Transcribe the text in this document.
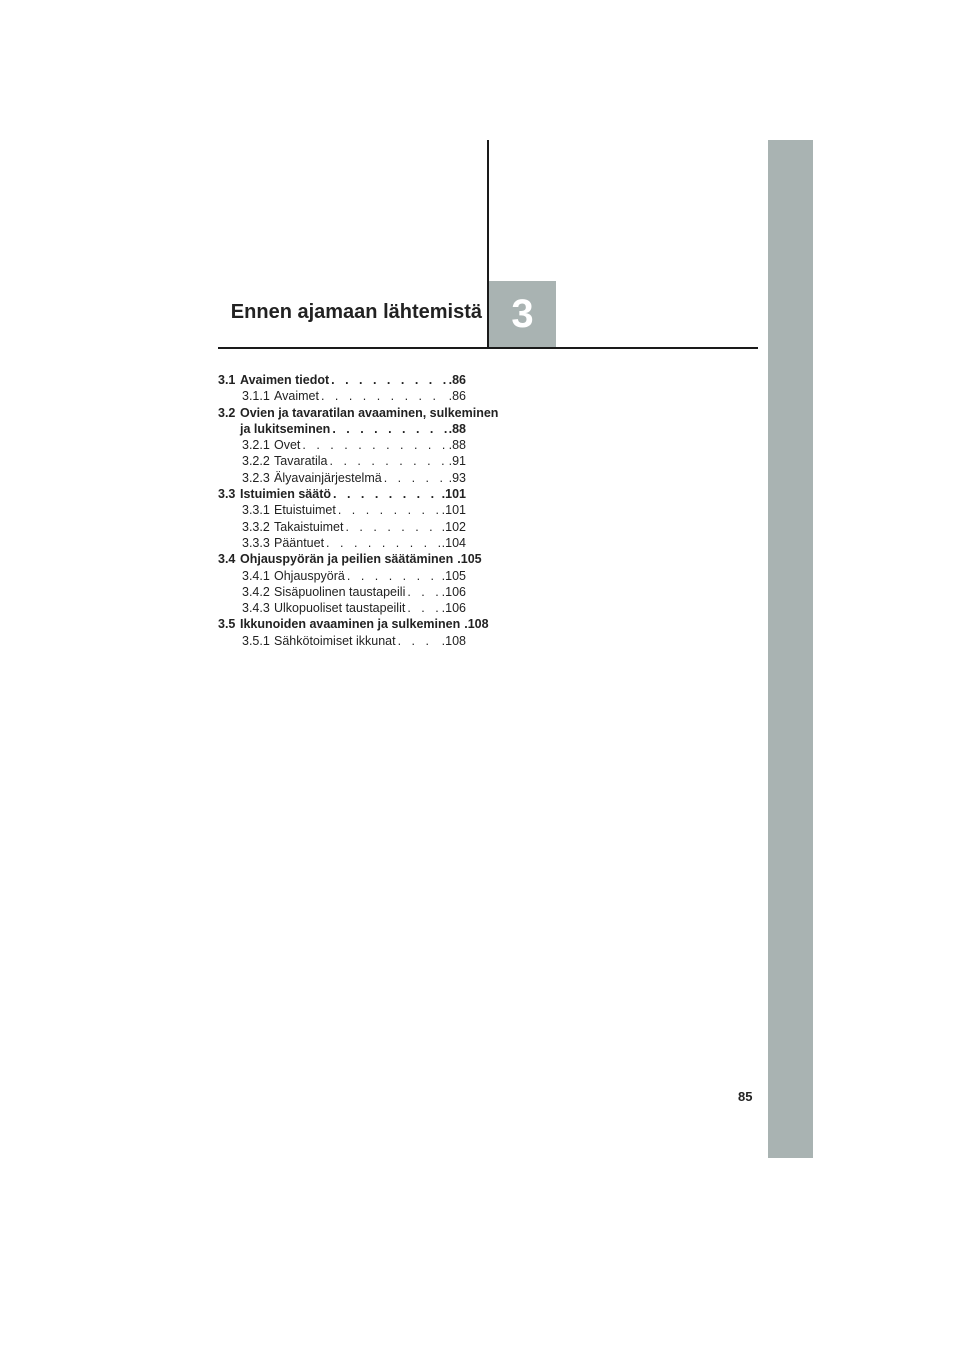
3
Ennen ajamaan lähtemistä
3.1 Avaimen tiedot . . .	.86
3.1.1 Avaimet . . .	.86
3.2 Ovien ja tavaratilan avaaminen, sulkeminen
ja lukitseminen . . .	.88
3.2.1 Ovet . . .	.88
3.2.2 Tavaratila . . .	.91
3.2.3 Älyavainjärjestelmä . . .	.93
3.3 Istuimien säätö . . .	.101
3.3.1 Etuistuimet . . .	.101
3.3.2 Takaistuimet . . .	.102
3.3.3 Pääntuet . . .	.104
3.4 Ohjauspyörän ja peilien säätäminen .105
3.4.1 Ohjauspyörä . . .	.105
3.4.2 Sisäpuolinen taustapeili . . .	.106
3.4.3 Ulkopuoliset taustapeilit . . .	.106
3.5 Ikkunoiden avaaminen ja sulkeminen .108
3.5.1 Sähkötoimiset ikkunat . . .	.108
85
